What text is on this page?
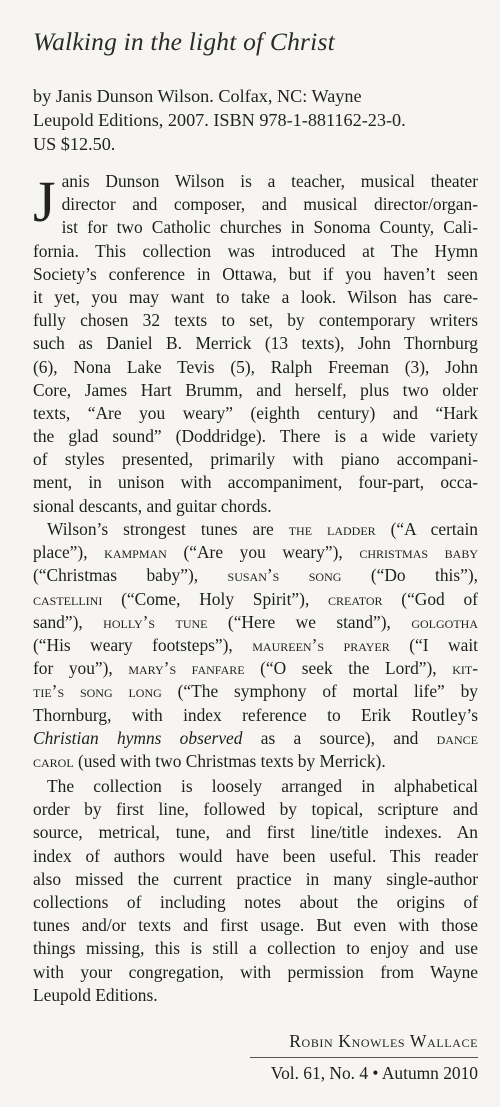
Walking in the light of Christ
by Janis Dunson Wilson. Colfax, NC: Wayne
Leupold Editions, 2007. ISBN 978-1-881162-23-0.
US $12.50.
J anis Dunson Wilson is a teacher, musical theater
director and composer, and musical director/organ-
ist for two Catholic churches in Sonoma County, Cali-
fornia. This collection was introduced at The Hymn
Society’s conference in Ottawa, but if you haven’t seen
it yet, you may want to take a look. Wilson has care-
fully chosen 32 texts to set, by contemporary writers
such as Daniel B. Merrick (13 texts), John Thornburg
(6), Nona Lake Tevis (5), Ralph Freeman (3), John
Core, James Hart Brumm, and herself, plus two older
texts, “Are you weary” (eighth century) and “Hark
the glad sound” (Doddridge). There is a wide variety
of styles presented, primarily with piano accompani-
ment, in unison with accompaniment, four-part, occa-
sional descants, and guitar chords.
Wilson’s strongest tunes are the ladder (“A certain
place”), kampman (“Are you weary”), christmas baby
(“Christmas baby”), susan’s song (“Do this”),
castellini (“Come, Holy Spirit”), creator (“God of
sand”), holly’s tune (“Here we stand”), golgotha
(“His weary footsteps”), maureen’s prayer (“I wait
for you”), mary’s fanfare (“O seek the Lord”), kit-
tie’s song long (“The symphony of mortal life” by
Thornburg, with index reference to Erik Routley’s
Christian hymns observed as a source), and dance
carol (used with two Christmas texts by Merrick).
The collection is loosely arranged in alphabetical
order by first line, followed by topical, scripture and
source, metrical, tune, and first line/title indexes. An
index of authors would have been useful. This reader
also missed the current practice in many single-author
collections of including notes about the origins of
tunes and/or texts and first usage. But even with those
things missing, this is still a collection to enjoy and use
with your congregation, with permission from Wayne
Leupold Editions.
Robin Knowles Wallace
Vol. 61, No. 4 • Autumn 2010
